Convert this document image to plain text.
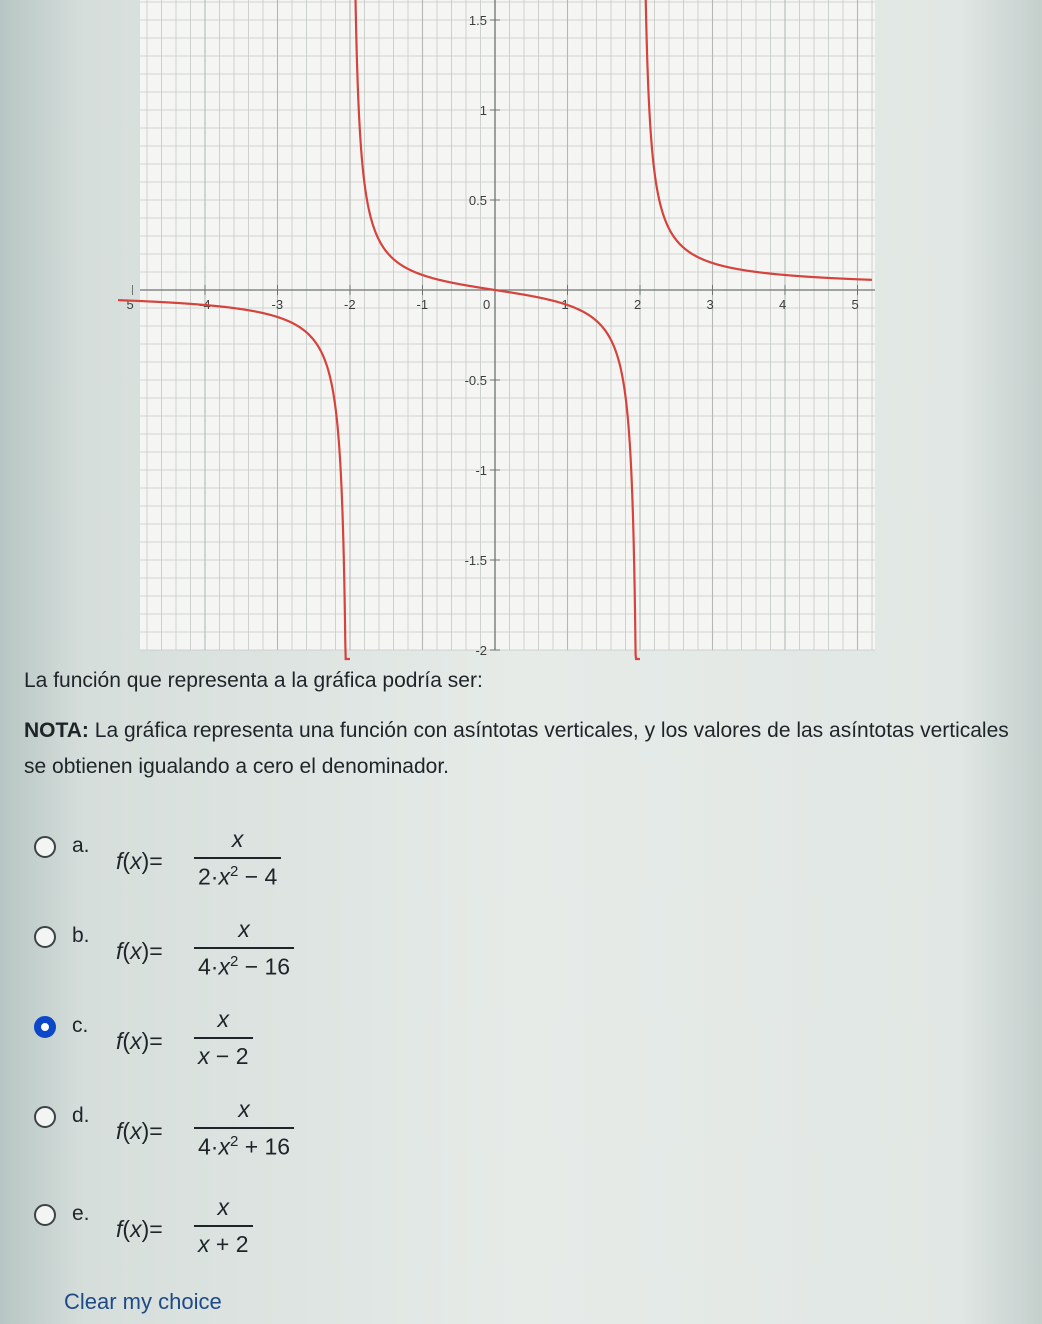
5	-4	-3	-2	-1	0	1	2	3	4	5
1.5
1
0.5
-0.5
-1
-1.5
-2
La función que representa a la gráfica podría ser:
NOTA: La gráfica representa una función con asíntotas verticales, y los valores de las asíntotas verticales se obtienen igualando a cero el denominador.
a.
$f(x)= \frac{x}{2\cdot x^2 - 4}$
b.
$f(x)= \frac{x}{4\cdot x^2 - 16}$
c.
$f(x)= \frac{x}{x - 2}$
d.
$f(x)= \frac{x}{4\cdot x^2 + 16}$
e.
$f(x)= \frac{x}{x + 2}$
Clear my choice
